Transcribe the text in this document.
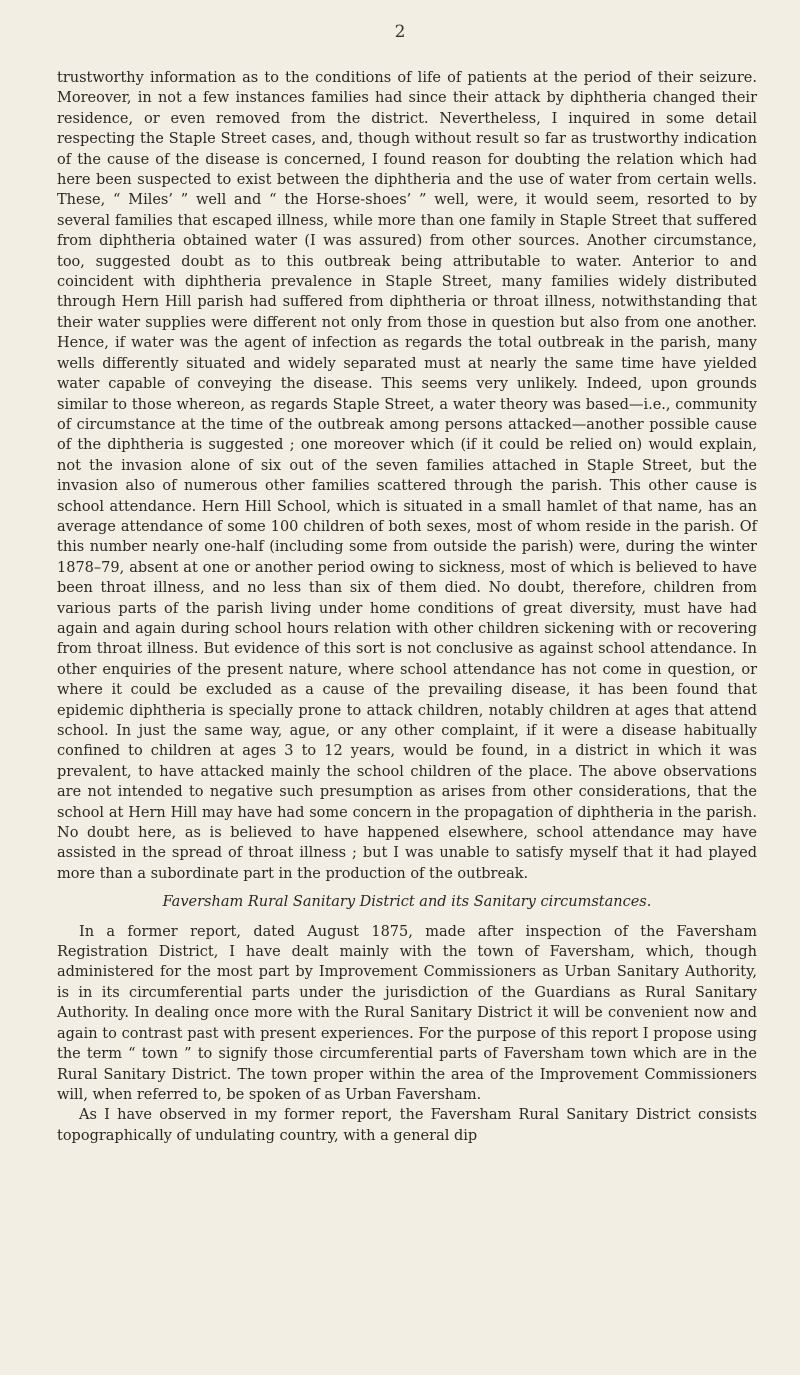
2

trustworthy information as to the conditions of life of patients at the period of their seizure. Moreover, in not a few instances families had since their attack by diphtheria changed their residence, or even removed from the district. Nevertheless, I inquired in some detail respecting the Staple Street cases, and, though without result so far as trustworthy indication of the cause of the disease is concerned, I found reason for doubting the relation which had here been suspected to exist between the diphtheria and the use of water from certain wells. These, “ Miles’ ” well and “ the Horse-shoes’ ” well, were, it would seem, resorted to by several families that escaped illness, while more than one family in Staple Street that suffered from diphtheria obtained water (I was assured) from other sources. Another circumstance, too, suggested doubt as to this outbreak being attributable to water. Anterior to and coincident with diphtheria prevalence in Staple Street, many families widely distributed through Hern Hill parish had suffered from diphtheria or throat illness, notwithstanding that their water supplies were different not only from those in question but also from one another. Hence, if water was the agent of infection as regards the total outbreak in the parish, many wells differently situated and widely separated must at nearly the same time have yielded water capable of conveying the disease. This seems very unlikely. Indeed, upon grounds similar to those whereon, as regards Staple Street, a water theory was based—i.e., community of circumstance at the time of the outbreak among persons attacked—another possible cause of the diphtheria is suggested ; one moreover which (if it could be relied on) would explain, not the invasion alone of six out of the seven families attached in Staple Street, but the invasion also of numerous other families scattered through the parish. This other cause is school attendance. Hern Hill School, which is situated in a small hamlet of that name, has an average attendance of some 100 children of both sexes, most of whom reside in the parish. Of this number nearly one-half (including some from outside the parish) were, during the winter 1878–79, absent at one or another period owing to sickness, most of which is believed to have been throat illness, and no less than six of them died. No doubt, therefore, children from various parts of the parish living under home conditions of great diversity, must have had again and again during school hours relation with other children sickening with or recovering from throat illness. But evidence of this sort is not conclusive as against school attendance. In other enquiries of the present nature, where school attendance has not come in question, or where it could be excluded as a cause of the prevailing disease, it has been found that epidemic diphtheria is specially prone to attack children, notably children at ages that attend school. In just the same way, ague, or any other complaint, if it were a disease habitually confined to children at ages 3 to 12 years, would be found, in a district in which it was prevalent, to have attacked mainly the school children of the place. The above observations are not intended to negative such presumption as arises from other considerations, that the school at Hern Hill may have had some concern in the propagation of diphtheria in the parish. No doubt here, as is believed to have happened elsewhere, school attendance may have assisted in the spread of throat illness ; but I was unable to satisfy myself that it had played more than a subordinate part in the production of the outbreak.

Faversham Rural Sanitary District and its Sanitary circumstances.

In a former report, dated August 1875, made after inspection of the Faversham Registration District, I have dealt mainly with the town of Faversham, which, though administered for the most part by Improvement Commissioners as Urban Sanitary Authority, is in its circumferential parts under the jurisdiction of the Guardians as Rural Sanitary Authority. In dealing once more with the Rural Sanitary District it will be convenient now and again to contrast past with present experiences. For the purpose of this report I propose using the term “ town ” to signify those circumferential parts of Faversham town which are in the Rural Sanitary District. The town proper within the area of the Improvement Commissioners will, when referred to, be spoken of as Urban Faversham.

As I have observed in my former report, the Faversham Rural Sanitary District consists topographically of undulating country, with a general dip
